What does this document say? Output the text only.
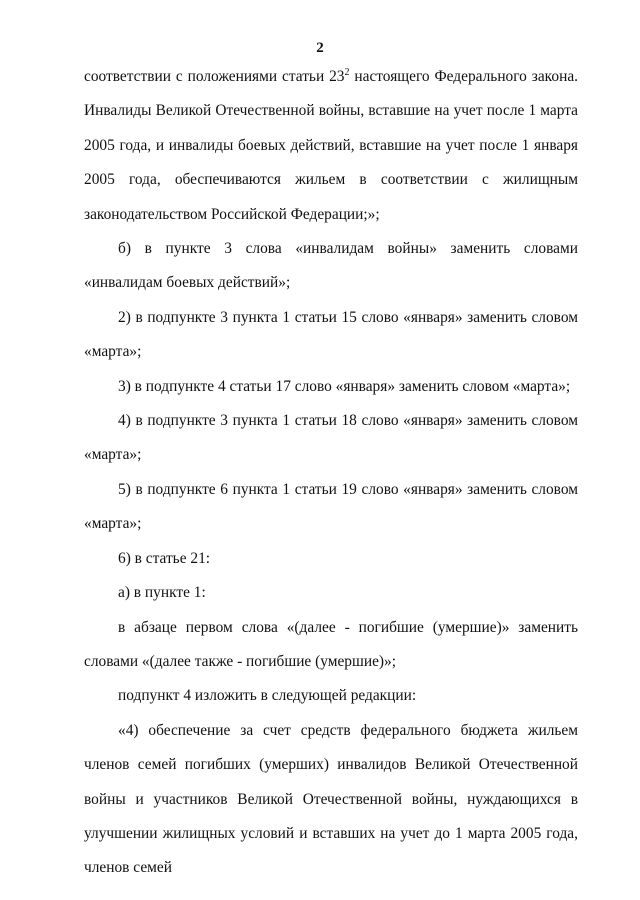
2

соответствии с положениями статьи $23^2$ настоящего Федерального закона. Инвалиды Великой Отечественной войны, вставшие на учет после 1 марта 2005 года, и инвалиды боевых действий, вставшие на учет после 1 января 2005 года, обеспечиваются жильем в соответствии с жилищным законодательством Российской Федерации;»;

б) в пункте 3 слова «инвалидам войны» заменить словами «инвалидам боевых действий»;

2) в подпункте 3 пункта 1 статьи 15 слово «января» заменить словом «марта»;

3) в подпункте 4 статьи 17 слово «января» заменить словом «марта»;

4) в подпункте 3 пункта 1 статьи 18 слово «января» заменить словом «марта»;

5) в подпункте 6 пункта 1 статьи 19 слово «января» заменить словом «марта»;

6) в статье 21:

а) в пункте 1:

в абзаце первом слова «(далее - погибшие (умершие)» заменить словами «(далее также - погибшие (умершие)»;

подпункт 4 изложить в следующей редакции:

«4) обеспечение за счет средств федерального бюджета жильем членов семей погибших (умерших) инвалидов Великой Отечественной войны и участников Великой Отечественной войны, нуждающихся в улучшении жилищных условий и вставших на учет до 1 марта 2005 года, членов семей
